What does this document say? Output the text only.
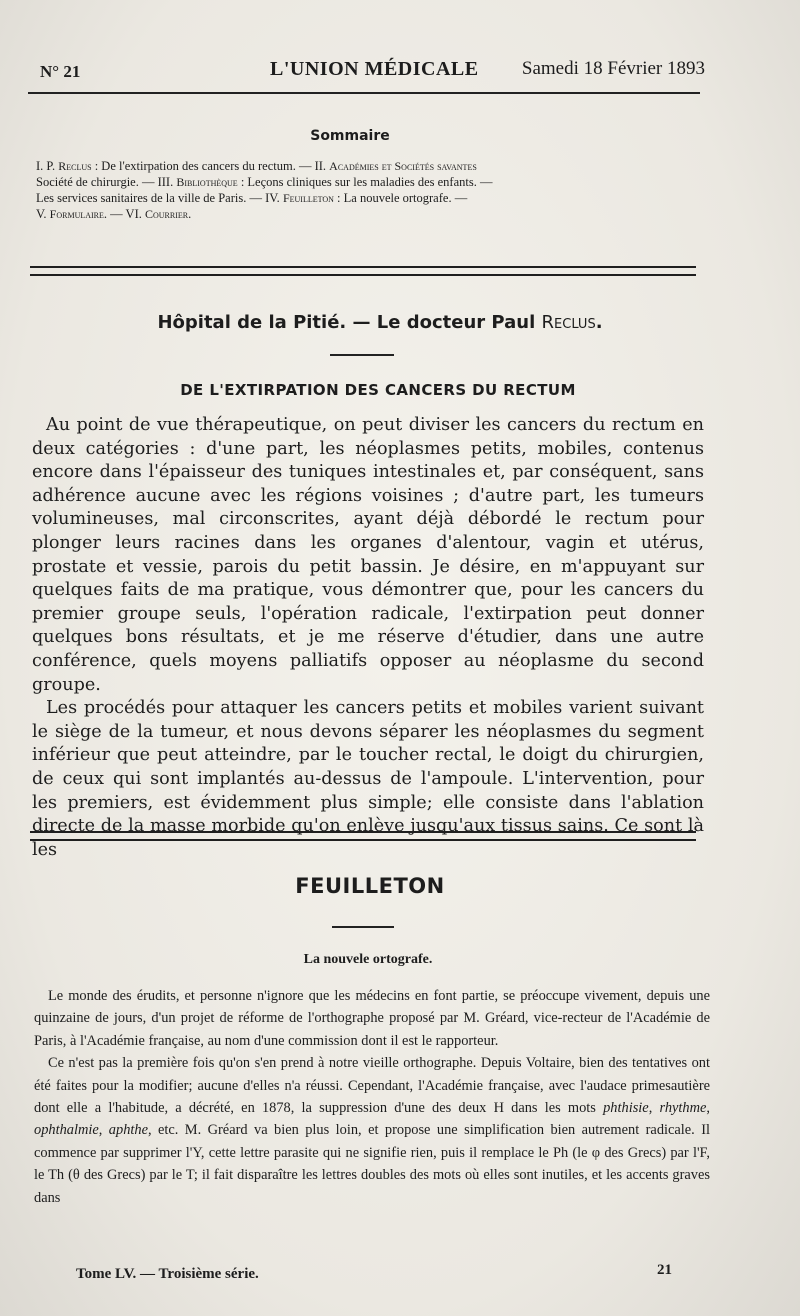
N° 21	L'UNION MÉDICALE Samedi 18 Février 1893
Sommaire
I. P. Reclus : De l'extirpation des cancers du rectum. — II. Académies et Sociétés savantes
Société de chirurgie. — III. Bibliothèque : Leçons cliniques sur les maladies des enfants. —
Les services sanitaires de la ville de Paris. — IV. Feuilleton : La nouvele ortografe. —
V. Formulaire. — VI. Courrier.
Hôpital de la Pitié. — Le docteur Paul Reclus.
DE L'EXTIRPATION DES CANCERS DU RECTUM

Au point de vue thérapeutique, on peut diviser les cancers du rectum en deux catégories : d'une part, les néoplasmes petits, mobiles, contenus encore dans l'épaisseur des tuniques intestinales et, par conséquent, sans adhérence aucune avec les régions voisines ; d'autre part, les tumeurs volumineuses, mal circonscrites, ayant déjà débordé le rectum pour plonger leurs racines dans les organes d'alentour, vagin et utérus, prostate et vessie, parois du petit bassin. Je désire, en m'appuyant sur quelques faits de ma pratique, vous démontrer que, pour les cancers du premier groupe seuls, l'opération radicale, l'extirpation peut donner quelques bons résultats, et je me réserve d'étudier, dans une autre conférence, quels moyens palliatifs opposer au néoplasme du second groupe.

Les procédés pour attaquer les cancers petits et mobiles varient suivant le siège de la tumeur, et nous devons séparer les néoplasmes du segment inférieur que peut atteindre, par le toucher rectal, le doigt du chirurgien, de ceux qui sont implantés au-dessus de l'ampoule. L'intervention, pour les premiers, est évidemment plus simple; elle consiste dans l'ablation directe de la masse morbide qu'on enlève jusqu'aux tissus sains. Ce sont là les

FEUILLETON
La nouvele ortografe.

Le monde des érudits, et personne n'ignore que les médecins en font partie, se préoccupe vivement, depuis une quinzaine de jours, d'un projet de réforme de l'orthographe proposé par M. Gréard, vice-recteur de l'Académie de Paris, à l'Académie française, au nom d'une commission dont il est le rapporteur.

Ce n'est pas la première fois qu'on s'en prend à notre vieille orthographe. Depuis Voltaire, bien des tentatives ont été faites pour la modifier; aucune d'elles n'a réussi. Cependant, l'Académie française, avec l'audace primesautière dont elle a l'habitude, a décrété, en 1878, la suppression d'une des deux H dans les mots phthisie, rhythme, ophthalmie, aphthe, etc. M. Gréard va bien plus loin, et propose une simplification bien autrement radicale. Il commence par supprimer l'Y, cette lettre parasite qui ne signifie rien, puis il remplace le Ph (le φ des Grecs) par l'F, le Th (θ des Grecs) par le T; il fait disparaître les lettres doubles des mots où elles sont inutiles, et les accents graves dans

Tome LV. — Troisième série.	21
